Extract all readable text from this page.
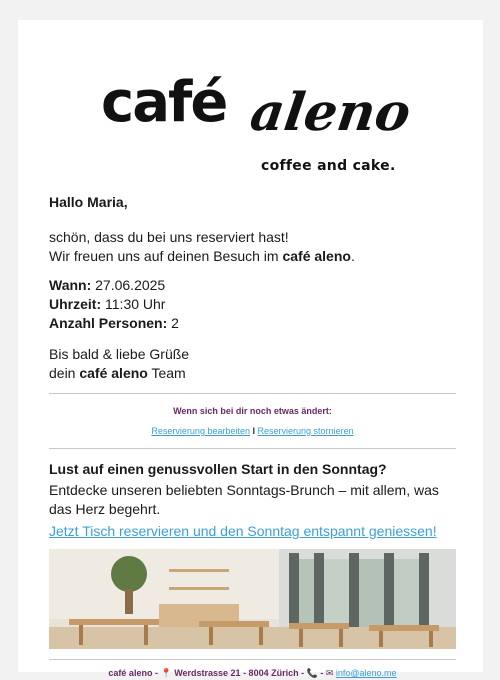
café aleno
coffee and cake.

Hallo Maria,

schön, dass du bei uns reserviert hast!
Wir freuen uns auf deinen Besuch im café aleno.

Wann: 27.06.2025

Uhrzeit: 11:30 Uhr

Anzahl Personen: 2

Bis bald & liebe Grüße
dein café aleno Team

Wenn sich bei dir noch etwas ändert:
Reservierung bearbeiten I Reservierung stornieren
Lust auf einen genussvollen Start in den Sonntag?

Entdecke unseren beliebten Sonntags-Brunch – mit allem, was das Herz begehrt.

Jetzt Tisch reservieren und den Sonntag entspannt geniessen!
café aleno - 📍 Werdstrasse 21 - 8004 Zürich - 📞 - ✉ info@aleno.me
